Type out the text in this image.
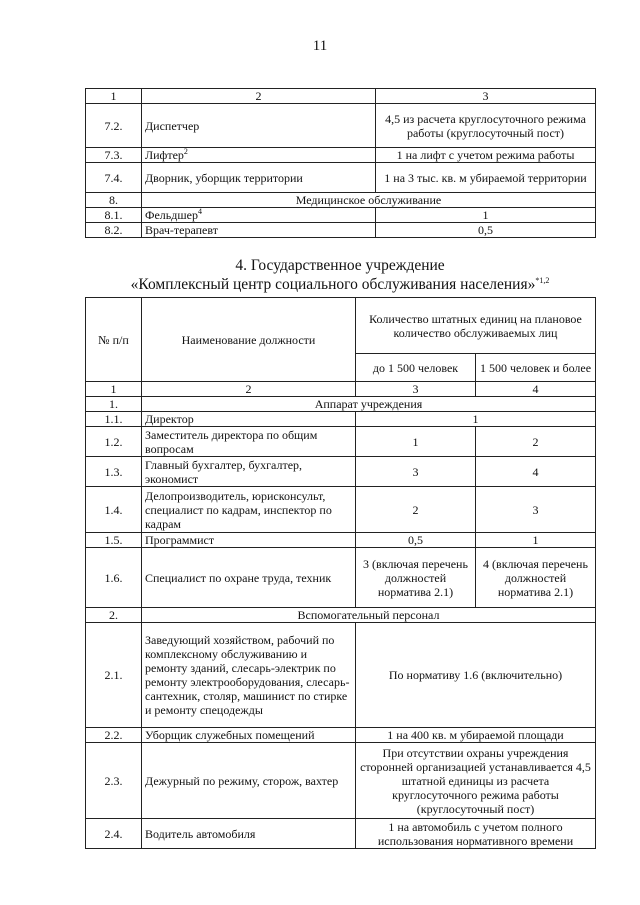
11
1	2	3
7.2.	Диспетчер	4,5 из расчета круглосуточного режима работы (круглосуточный пост)
7.3.	Лифтер$^2$	1 на лифт с учетом режима работы
7.4.	Дворник, уборщик территории	1 на 3 тыс. кв. м убираемой территории
8.	Медицинское обслуживание	
8.1.	Фельдшер$^4$	1
8.2.	Врач-терапевт	0,5
4. Государственное учреждение
«Комплексный центр социального обслуживания населения»$^{*1,2}$
№ п/п	Наименование должности	Количество штатных единиц на плановое количество обслуживаемых лиц	
		до 1 500 человек	1 500 человек и более
1	2	3	4
1.	Аппарат учреждения		
1.1.	Директор	1	
1.2.	Заместитель директора по общим вопросам	1	2
1.3.	Главный бухгалтер, бухгалтер, экономист	3	4
1.4.	Делопроизводитель, юрисконсульт, специалист по кадрам, инспектор по кадрам	2	3
1.5.	Программист	0,5	1
1.6.	Специалист по охране труда, техник	3 (включая перечень должностей норматива 2.1)	4 (включая перечень должностей норматива 2.1)
2.	Вспомогательный персонал		
2.1.	Заведующий хозяйством, рабочий по комплексному обслуживанию и ремонту зданий, слесарь-электрик по ремонту электрооборудования, слесарь-сантехник, столяр, машинист по стирке и ремонту спецодежды	По нормативу 1.6 (включительно)	
2.2.	Уборщик служебных помещений	1 на 400 кв. м убираемой площади	
2.3.	Дежурный по режиму, сторож, вахтер	При отсутствии охраны учреждения сторонней организацией устанавливается 4,5 штатной единицы из расчета круглосуточного режима работы (круглосуточный пост)	
2.4.	Водитель автомобиля	1 на автомобиль с учетом полного использования нормативного времени	
